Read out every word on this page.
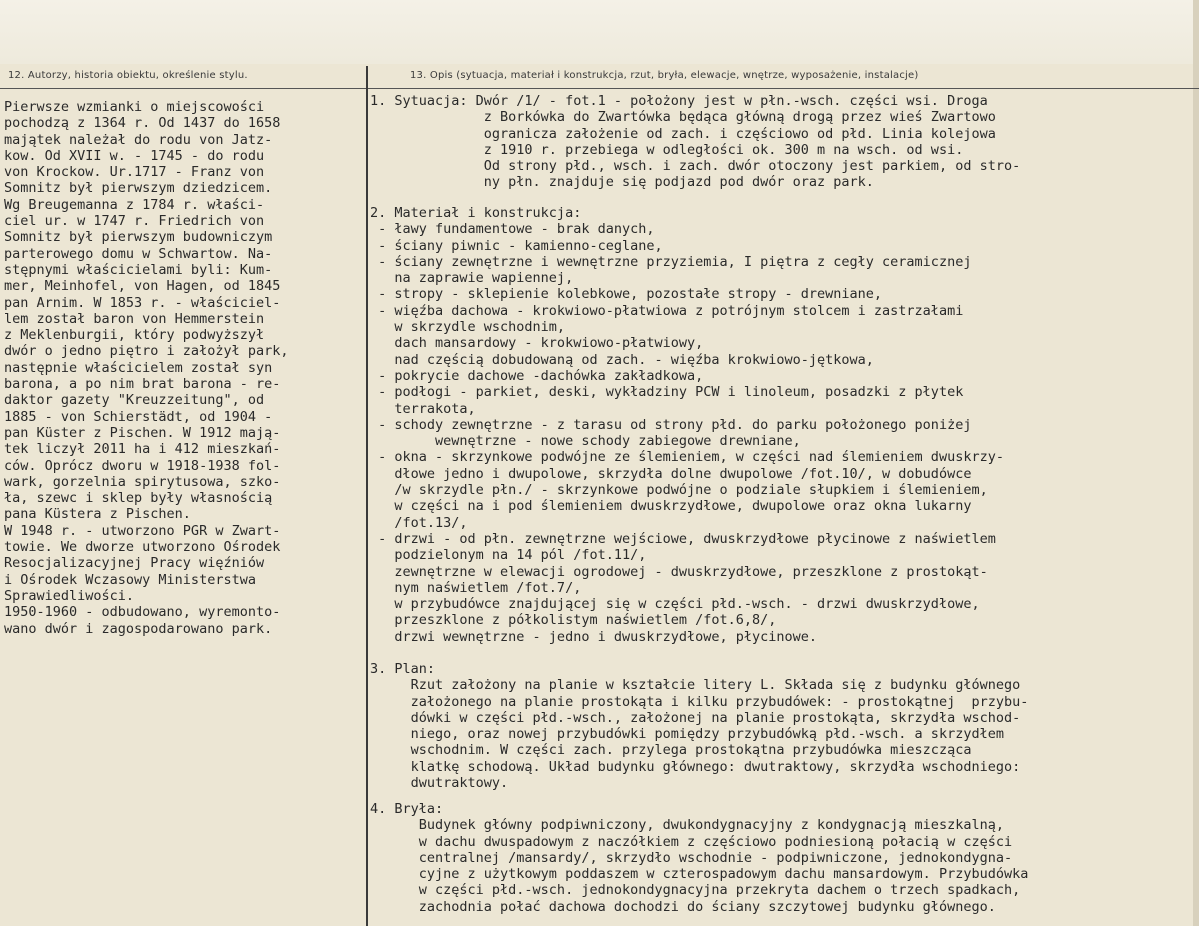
12. Autorzy, historia obiektu, określenie stylu.	13. Opis (sytuacja, materiał i konstrukcja, rzut, bryła, elewacje, wnętrze, wyposażenie, instalacje)
Pierwsze wzmianki o miejscowości
pochodzą z 1364 r. Od 1437 do 1658
majątek należał do rodu von Jatz-
kow. Od XVII w. - 1745 - do rodu
von Krockow. Ur.1717 - Franz von
Somnitz był pierwszym dziedzicem.
Wg Breugemanna z 1784 r. właści-
ciel ur. w 1747 r. Friedrich von
Somnitz był pierwszym budowniczym
parterowego domu w Schwartow. Na-
stępnymi właścicielami byli: Kum-
mer, Meinhofel, von Hagen, od 1845
pan Arnim. W 1853 r. - właściciel-
lem został baron von Hemmerstein
z Meklenburgii, który podwyższył
dwór o jedno piętro i założył park,
następnie właścicielem został syn
barona, a po nim brat barona - re-
daktor gazety "Kreuzzeitung", od
1885 - von Schierstädt, od 1904 -
pan Küster z Pischen. W 1912 mają-
tek liczył 2011 ha i 412 mieszkań-
ców. Oprócz dworu w 1918-1938 fol-
wark, gorzelnia spirytusowa, szko-
ła, szewc i sklep były własnością
pana Küstera z Pischen.
W 1948 r. - utworzono PGR w Zwart-
towie. We dworze utworzono Ośrodek
Resocjalizacyjnej Pracy więźniów
i Ośrodek Wczasowy Ministerstwa
Sprawiedliwości.
1950-1960 - odbudowano, wyremonto-
wano dwór i zagospodarowano park.
1. Sytuacja: Dwór /1/ - fot.1 - położony jest w płn.-wsch. części wsi. Droga
z Borkówka do Zwartówka będąca główną drogą przez wieś Zwartowo
ogranicza założenie od zach. i częściowo od płd. Linia kolejowa
z 1910 r. przebiega w odległości ok. 300 m na wsch. od wsi.
Od strony płd., wsch. i zach. dwór otoczony jest parkiem, od stro-
ny płn. znajduje się podjazd pod dwór oraz park.
2. Materiał i konstrukcja:
- ławy fundamentowe - brak danych,
- ściany piwnic - kamienno-ceglane,
- ściany zewnętrzne i wewnętrzne przyziemia, I piętra z cegły ceramicznej
na zaprawie wapiennej,
- stropy - sklepienie kolebkowe, pozostałe stropy - drewniane,
- więźba dachowa - krokwiowo-płatwiowa z potrójnym stolcem i zastrzałami
w skrzydle wschodnim,
dach mansardowy - krokwiowo-płatwiowy,
nad częścią dobudowaną od zach. - więźba krokwiowo-jętkowa,
- pokrycie dachowe -dachówka zakładkowa,
- podłogi - parkiet, deski, wykładziny PCW i linoleum, posadzki z płytek
terrakota,
- schody zewnętrzne - z tarasu od strony płd. do parku położonego poniżej
wewnętrzne - nowe schody zabiegowe drewniane,
- okna - skrzynkowe podwójne ze ślemieniem, w części nad ślemieniem dwuskrzy-
dłowe jedno i dwupolowe, skrzydła dolne dwupolowe /fot.10/, w dobudówce
/w skrzydle płn./ - skrzynkowe podwójne o podziale słupkiem i ślemieniem,
w części na i pod ślemieniem dwuskrzydłowe, dwupolowe oraz okna lukarny
/fot.13/,
- drzwi - od płn. zewnętrzne wejściowe, dwuskrzydłowe płycinowe z naświetlem
podzielonym na 14 pól /fot.11/,
zewnętrzne w elewacji ogrodowej - dwuskrzydłowe, przeszklone z prostokąt-
nym naświetlem /fot.7/,
w przybudówce znajdującej się w części płd.-wsch. - drzwi dwuskrzydłowe,
przeszklone z półkolistym naświetlem /fot.6,8/,
drzwi wewnętrzne - jedno i dwuskrzydłowe, płycinowe.
3. Plan:
Rzut założony na planie w kształcie litery L. Składa się z budynku głównego
założonego na planie prostokąta i kilku przybudówek: - prostokątnej  przybu-
dówki w części płd.-wsch., założonej na planie prostokąta, skrzydła wschod-
niego, oraz nowej przybudówki pomiędzy przybudówką płd.-wsch. a skrzydłem
wschodnim. W części zach. przylega prostokątna przybudówka mieszcząca
klatkę schodową. Układ budynku głównego: dwutraktowy, skrzydła wschodniego:
dwutraktowy.
4. Bryła:
Budynek główny podpiwniczony, dwukondygnacyjny z kondygnacją mieszkalną,
w dachu dwuspadowym z naczółkiem z częściowo podniesioną połacią w części
centralnej /mansardy/, skrzydło wschodnie - podpiwniczone, jednokondygna-
cyjne z użytkowym poddaszem w czterospadowym dachu mansardowym. Przybudówka
w części płd.-wsch. jednokondygnacyjna przekryta dachem o trzech spadkach,
zachodnia połać dachowa dochodzi do ściany szczytowej budynku głównego.
